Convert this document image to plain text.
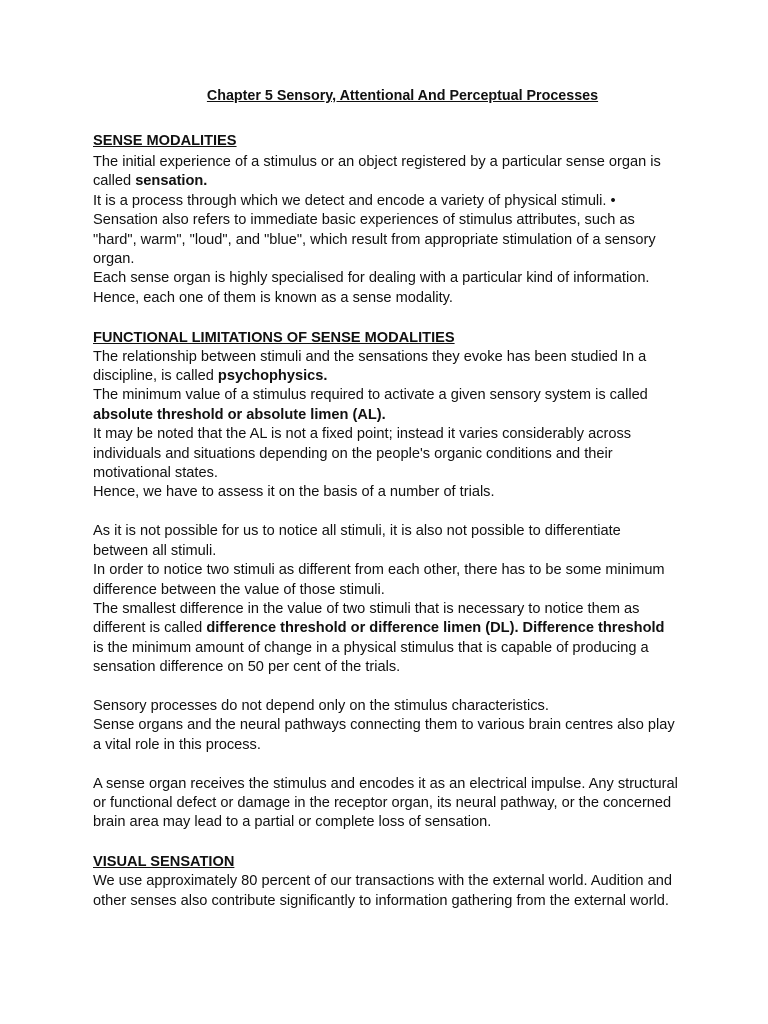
Chapter 5 Sensory, Attentional And Perceptual Processes
SENSE MODALITIES

The initial experience of a stimulus or an object registered by a particular sense organ is called sensation.

It is a process through which we detect and encode a variety of physical stimuli. • Sensation also refers to immediate basic experiences of stimulus attributes, such as "hard", warm", "loud", and "blue", which result from appropriate stimulation of a sensory organ.

Each sense organ is highly specialised for dealing with a particular kind of information. Hence, each one of them is known as a sense modality.

FUNCTIONAL LIMITATIONS OF SENSE MODALITIES

The relationship between stimuli and the sensations they evoke has been studied In a discipline, is called psychophysics.

The minimum value of a stimulus required to activate a given sensory system is called absolute threshold or absolute limen (AL).

It may be noted that the AL is not a fixed point; instead it varies considerably across individuals and situations depending on the people's organic conditions and their motivational states.

Hence, we have to assess it on the basis of a number of trials.

As it is not possible for us to notice all stimuli, it is also not possible to differentiate between all stimuli.

In order to notice two stimuli as different from each other, there has to be some minimum difference between the value of those stimuli.

The smallest difference in the value of two stimuli that is necessary to notice them as different is called difference threshold or difference limen (DL). Difference threshold is the minimum amount of change in a physical stimulus that is capable of producing a sensation difference on 50 per cent of the trials.

Sensory processes do not depend only on the stimulus characteristics.

Sense organs and the neural pathways connecting them to various brain centres also play a vital role in this process.

A sense organ receives the stimulus and encodes it as an electrical impulse. Any structural or functional defect or damage in the receptor organ, its neural pathway, or the concerned brain area may lead to a partial or complete loss of sensation.

VISUAL SENSATION

We use approximately 80 percent of our transactions with the external world. Audition and other senses also contribute significantly to information gathering from the external world.
